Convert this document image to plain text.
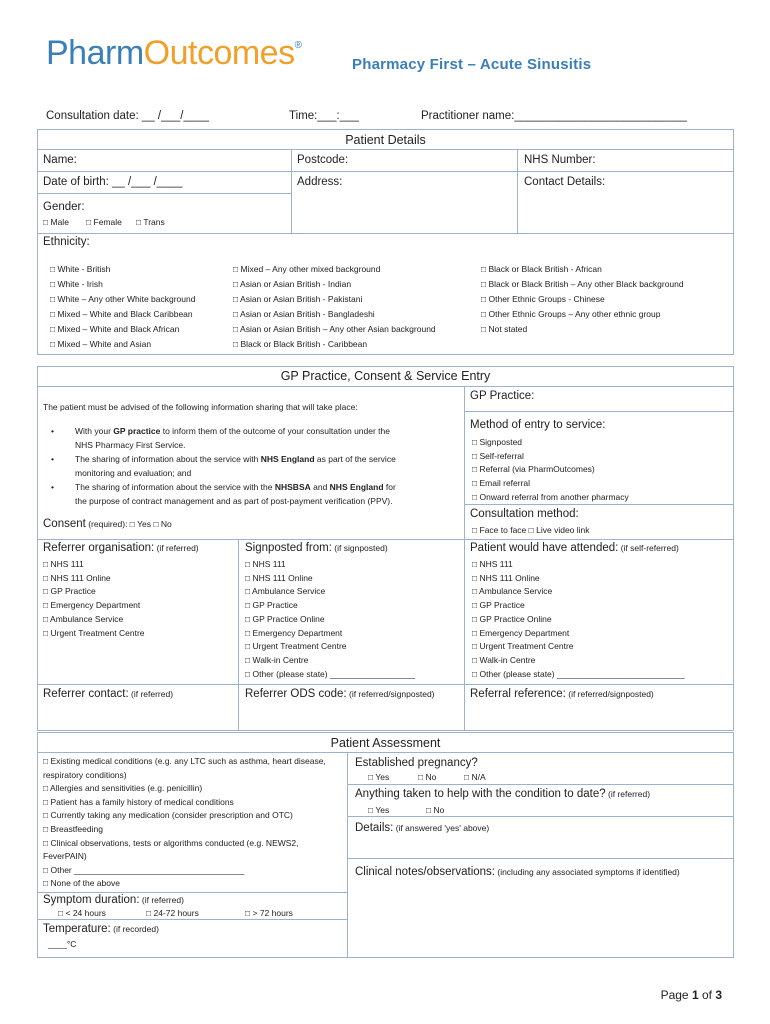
PharmOutcomes®
Pharmacy First – Acute Sinusitis
Consultation date: __ /___/____	Time:___:___	Practitioner name:___________________________
Patient Details
Name:	Postcode:	NHS Number:
Date of birth: __ /___ /____	Address:	Contact Details:
Gender:
□ Male □ Female □ Trans
Ethnicity:
□ White - British
□ White - Irish
□ White – Any other White background
□ Mixed – White and Black Caribbean
□ Mixed – White and Black African
□ Mixed – White and Asian
□ Mixed – Any other mixed background
□ Asian or Asian British - Indian
□ Asian or Asian British - Pakistani
□ Asian or Asian British - Bangladeshi
□ Asian or Asian British – Any other Asian background
□ Black or Black British - Caribbean
□ Black or Black British - African
□ Black or Black British – Any other Black background
□ Other Ethnic Groups - Chinese
□ Other Ethnic Groups – Any other ethnic group
□ Not stated
GP Practice, Consent & Service Entry
The patient must be advised of the following information sharing that will take place:
• With your GP practice to inform them of the outcome of your consultation under the
NHS Pharmacy First Service.
• The sharing of information about the service with NHS England as part of the service
monitoring and evaluation; and
• The sharing of information about the service with the NHSBSA and NHS England for
the purpose of contract management and as part of post-payment verification (PPV).
Consent (required): □ Yes □ No
GP Practice:
Method of entry to service:
□ Signposted
□ Self-referral
□ Referral (via PharmOutcomes)
□ Email referral
□ Onward referral from another pharmacy
Consultation method:
□ Face to face □ Live video link
Referrer organisation: (if referred)
□ NHS 111
□ NHS 111 Online
□ GP Practice
□ Emergency Department
□ Ambulance Service
□ Urgent Treatment Centre
Signposted from: (if signposted)
□ NHS 111
□ NHS 111 Online
□ Ambulance Service
□ GP Practice
□ GP Practice Online
□ Emergency Department
□ Urgent Treatment Centre
□ Walk-in Centre
□ Other (please state) __________________
Patient would have attended: (if self-referred)
□ NHS 111
□ NHS 111 Online
□ Ambulance Service
□ GP Practice
□ GP Practice Online
□ Emergency Department
□ Urgent Treatment Centre
□ Walk-in Centre
□ Other (please state) ___________________________
Referrer contact: (if referred)	Referrer ODS code: (if referred/signposted)	Referral reference: (if referred/signposted)
Patient Assessment
□ Existing medical conditions (e.g. any LTC such as asthma, heart disease, respiratory conditions)
□ Allergies and sensitivities (e.g. penicillin)
□ Patient has a family history of medical conditions
□ Currently taking any medication (consider prescription and OTC)
□ Breastfeeding
□ Clinical observations, tests or algorithms conducted (e.g. NEWS2, FeverPAIN)
□ Other ____________________________________
□ None of the above
Symptom duration: (if referred)
□ < 24 hours	□ 24-72 hours	□ > 72 hours
Temperature: (if recorded)
____°C
Established pregnancy?
□ Yes	□ No	□ N/A
Anything taken to help with the condition to date? (if referred)
□ Yes	□ No
Details: (if answered 'yes' above)
Clinical notes/observations: (including any associated symptoms if identified)
Page 1 of 3
